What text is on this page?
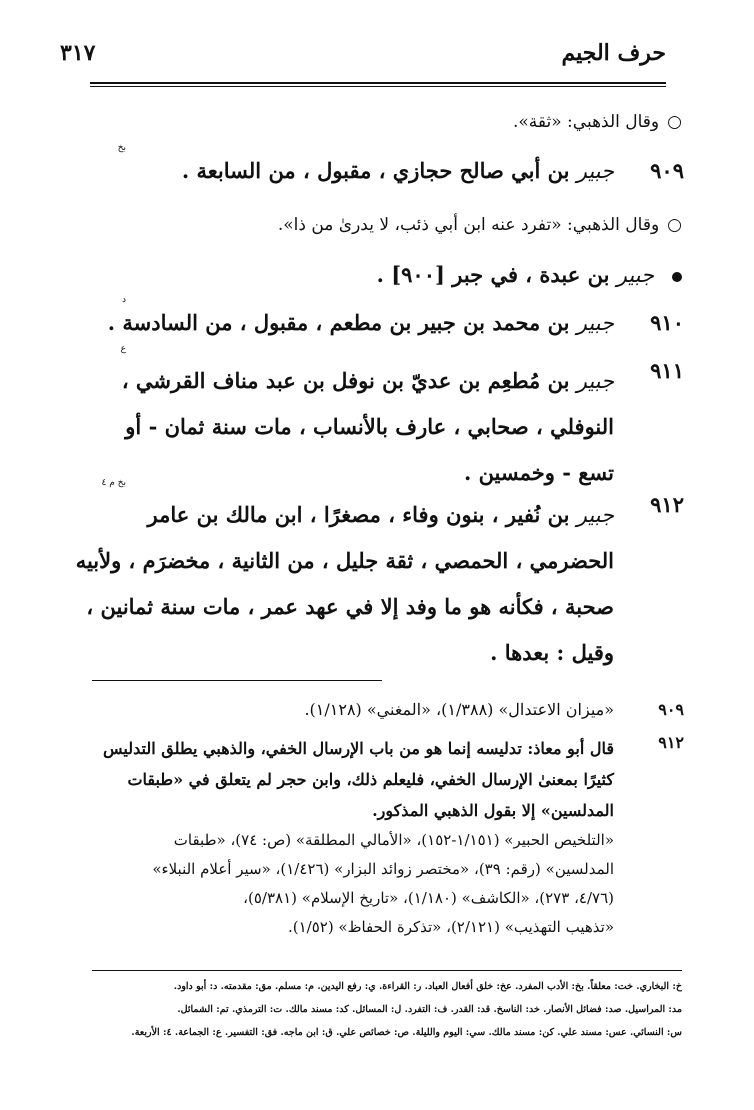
حرف الجيم
٣١٧
○وقال الذهبي: «ثقة».
٩٠٩
بخ
جبير بن أبي صالح حجازي ، مقبول ، من السابعة .
○وقال الذهبي: «تفرد عنه ابن أبي ذئب، لا يدرىٰ من ذا».
جبير بن عبدة ، في جبر [٩٠٠] .
د
٩١٠
جبير بن محمد بن جبير بن مطعم ، مقبول ، من السادسة .
ع
٩١١
جبير بن مُطعِم بن عديّ بن نوفل بن عبد مناف القرشي ،
النوفلي ، صحابي ، عارف بالأنساب ، مات سنة ثمان - أو
تسع - وخمسين .
بخ م ٤
٩١٢
جبير بن نُفير ، بنون وفاء ، مصغرًا ، ابن مالك بن عامر
الحضرمي ، الحمصي ، ثقة جليل ، من الثانية ، مخضرَم ، ولأبيه
صحبة ، فكأنه هو ما وفد إلا في عهد عمر ، مات سنة ثمانين ،
وقيل : بعدها .
٩٠٩
«ميزان الاعتدال» (١/٣٨٨)، «المغني» (١/١٢٨).
٩١٢
قال أبو معاذ: تدليسه إنما هو من باب الإرسال الخفي، والذهبي يطلق التدليس
كثيرًا بمعنىٰ الإرسال الخفي، فليعلم ذلك، وابن حجر لم يتعلق في «طبقات
المدلسين» إلا بقول الذهبي المذكور.
«التلخيص الحبير» (١/١٥١-١٥٢)، «الأمالي المطلقة» (ص: ٧٤)، «طبقات
المدلسين» (رقم: ٣٩)، «مختصر زوائد البزار» (١/٤٢٦)، «سير أعلام النبلاء»
(٤/٧٦، ٢٧٣)، «الكاشف» (١/١٨٠)، «تاريخ الإسلام» (٥/٣٨١)،
«تذهيب التهذيب» (٢/١٢١)، «تذكرة الحفاظ» (١/٥٢).
خ: البخاري. خت: معلقاً. بخ: الأدب المفرد. عخ: خلق أفعال العباد. ر: القراءة. ي: رفع اليدين. م: مسلم. مق: مقدمته. د: أبو داود.
مد: المراسيل. صد: فضائل الأنصار. خد: الناسخ. قد: القدر. ف: التفرد. ل: المسائل. كد: مسند مالك. ت: الترمذي. تم: الشمائل.
س: النسائي. عس: مسند علي. كن: مسند مالك. سي: اليوم والليلة. ص: خصائص علي. ق: ابن ماجه. فق: التفسير. ع: الجماعة. ٤: الأربعة.
